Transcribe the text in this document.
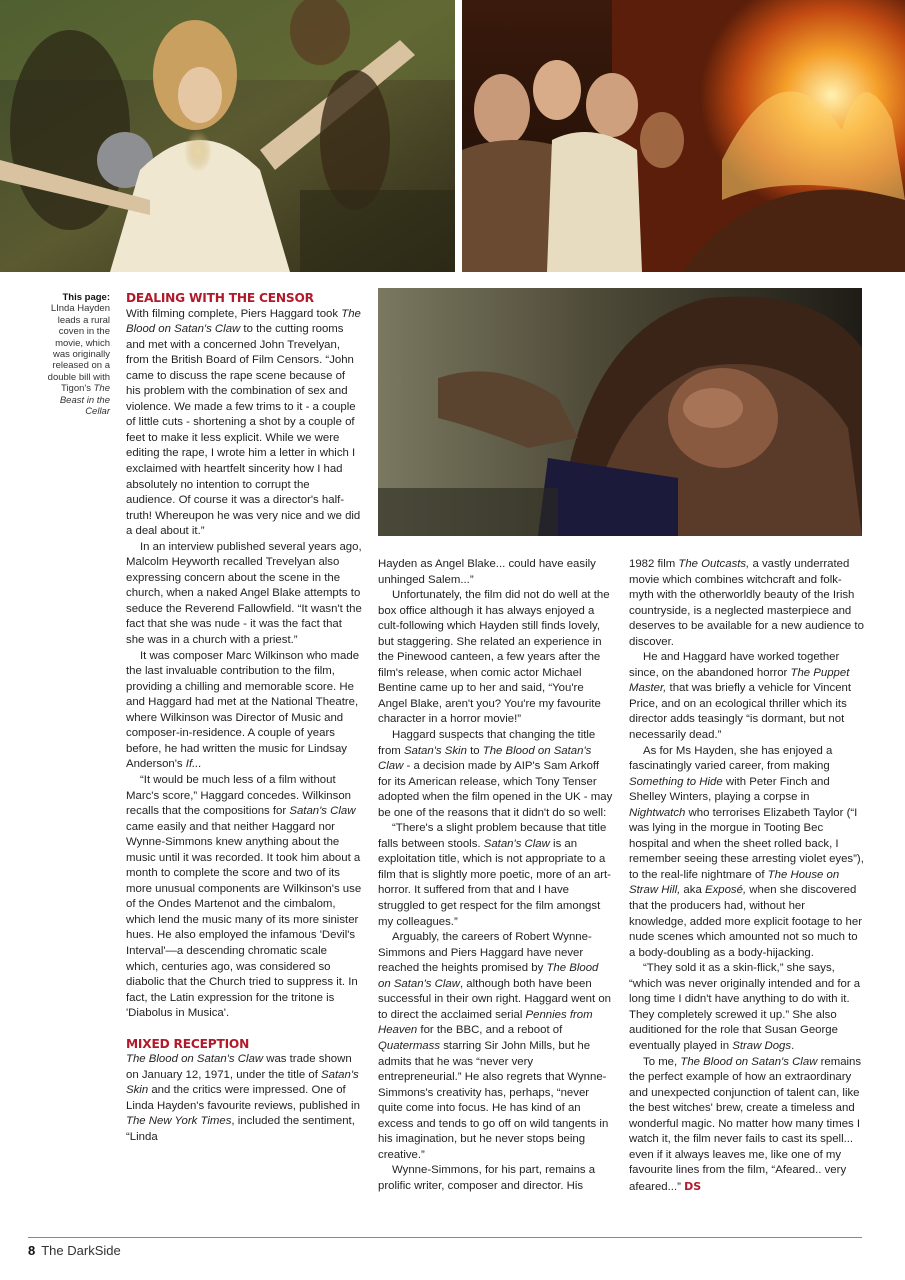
This page:
LInda Hayden leads a rural coven in the movie, which was originally released on a double bill with Tigon's The Beast in the Cellar
DEALING WITH THE CENSOR

With filming complete, Piers Haggard took The Blood on Satan's Claw to the cutting rooms and met with a concerned John Trevelyan, from the British Board of Film Censors. “John came to discuss the rape scene because of his problem with the combination of sex and violence. We made a few trims to it - a couple of little cuts - shortening a shot by a couple of feet to make it less explicit. While we were editing the rape, I wrote him a letter in which I exclaimed with heartfelt sincerity how I had absolutely no intention to corrupt the audience. Of course it was a director's half-truth! Whereupon he was very nice and we did a deal about it.”

In an interview published several years ago, Malcolm Heyworth recalled Trevelyan also expressing concern about the scene in the church, when a naked Angel Blake attempts to seduce the Reverend Fallowfield. “It wasn't the fact that she was nude - it was the fact that she was in a church with a priest.”

It was composer Marc Wilkinson who made the last invaluable contribution to the film, providing a chilling and memorable score. He and Haggard had met at the National Theatre, where Wilkinson was Director of Music and composer-in-residence. A couple of years before, he had written the music for Lindsay Anderson's If...

“It would be much less of a film without Marc's score,” Haggard concedes. Wilkinson recalls that the compositions for Satan's Claw came easily and that neither Haggard nor Wynne-Simmons knew anything about the music until it was recorded. It took him about a month to complete the score and two of its more unusual components are Wilkinson's use of the Ondes Martenot and the cimbalom, which lend the music many of its more sinister hues. He also employed the infamous 'Devil's Interval'—a descending chromatic scale which, centuries ago, was considered so diabolic that the Church tried to suppress it. In fact, the Latin expression for the tritone is 'Diabolus in Musica'.

MIXED RECEPTION

The Blood on Satan's Claw was trade shown on January 12, 1971, under the title of Satan's Skin and the critics were impressed. One of Linda Hayden's favourite reviews, published in The New York Times, included the sentiment, “Linda

Hayden as Angel Blake... could have easily unhinged Salem...”

Unfortunately, the film did not do well at the box office although it has always enjoyed a cult-following which Hayden still finds lovely, but staggering. She related an experience in the Pinewood canteen, a few years after the film's release, when comic actor Michael Bentine came up to her and said, “You're Angel Blake, aren't you? You're my favourite character in a horror movie!”

Haggard suspects that changing the title from Satan's Skin to The Blood on Satan's Claw - a decision made by AIP's Sam Arkoff for its American release, which Tony Tenser adopted when the film opened in the UK - may be one of the reasons that it didn't do so well:

“There's a slight problem because that title falls between stools. Satan's Claw is an exploitation title, which is not appropriate to a film that is slightly more poetic, more of an art-horror. It suffered from that and I have struggled to get respect for the film amongst my colleagues.”

Arguably, the careers of Robert Wynne-Simmons and Piers Haggard have never reached the heights promised by The Blood on Satan's Claw, although both have been successful in their own right. Haggard went on to direct the acclaimed serial Pennies from Heaven for the BBC, and a reboot of Quatermass starring Sir John Mills, but he admits that he was “never very entrepreneurial.” He also regrets that Wynne-Simmons's creativity has, perhaps, “never quite come into focus. He has kind of an excess and tends to go off on wild tangents in his imagination, but he never stops being creative.”

Wynne-Simmons, for his part, remains a prolific writer, composer and director. His

1982 film The Outcasts, a vastly underrated movie which combines witchcraft and folk-myth with the otherworldly beauty of the Irish countryside, is a neglected masterpiece and deserves to be available for a new audience to discover.

He and Haggard have worked together since, on the abandoned horror The Puppet Master, that was briefly a vehicle for Vincent Price, and on an ecological thriller which its director adds teasingly “is dormant, but not necessarily dead.”

As for Ms Hayden, she has enjoyed a fascinatingly varied career, from making Something to Hide with Peter Finch and Shelley Winters, playing a corpse in Nightwatch who terrorises Elizabeth Taylor (“I was lying in the morgue in Tooting Bec hospital and when the sheet rolled back, I remember seeing these arresting violet eyes”), to the real-life nightmare of The House on Straw Hill, aka Exposé, when she discovered that the producers had, without her knowledge, added more explicit footage to her nude scenes which amounted not so much to a body-doubling as a body-hijacking.

“They sold it as a skin-flick,” she says, “which was never originally intended and for a long time I didn't have anything to do with it. They completely screwed it up.” She also auditioned for the role that Susan George eventually played in Straw Dogs.

To me, The Blood on Satan's Claw remains the perfect example of how an extraordinary and unexpected conjunction of talent can, like the best witches' brew, create a timeless and wonderful magic. No matter how many times I watch it, the film never fails to cast its spell... even if it always leaves me, like one of my favourite lines from the film, “Afeared.. very afeared...” DS

8 The DarkSide
